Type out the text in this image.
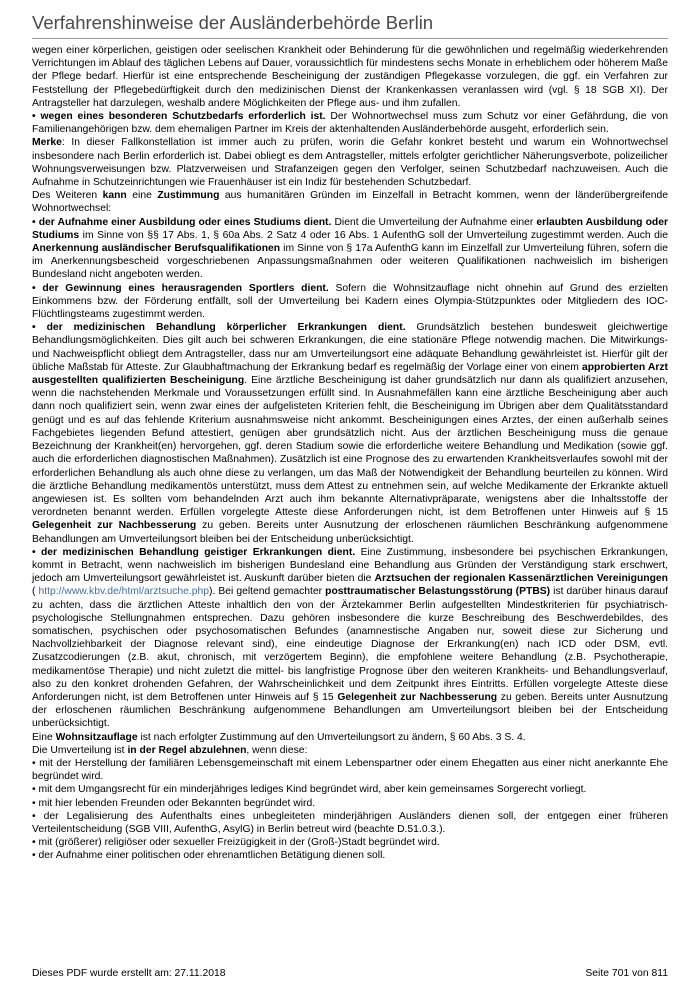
Verfahrenshinweise der Ausländerbehörde Berlin

wegen einer körperlichen, geistigen oder seelischen Krankheit oder Behinderung für die gewöhnlichen und regelmäßig wiederkehrenden Verrichtungen im Ablauf des täglichen Lebens auf Dauer, voraussichtlich für mindestens sechs Monate in erheblichem oder höherem Maße der Pflege bedarf. Hierfür ist eine entsprechende Bescheinigung der zuständigen Pflegekasse vorzulegen, die ggf. ein Verfahren zur Feststellung der Pflegebedürftigkeit durch den medizinischen Dienst der Krankenkassen veranlassen wird (vgl. § 18 SGB XI). Der Antragsteller hat darzulegen, weshalb andere Möglichkeiten der Pflege aus- und ihm zufallen.

• wegen eines besonderen Schutzbedarfs erforderlich ist. Der Wohnortwechsel muss zum Schutz vor einer Gefährdung, die von Familienangehörigen bzw. dem ehemaligen Partner im Kreis der aktenhaltenden Ausländerbehörde ausgeht, erforderlich sein.

Merke: In dieser Fallkonstellation ist immer auch zu prüfen, worin die Gefahr konkret besteht und warum ein Wohnortwechsel insbesondere nach Berlin erforderlich ist. Dabei obliegt es dem Antragsteller, mittels erfolgter gerichtlicher Näherungsverbote, polizeilicher Wohnungsverweisungen bzw. Platzverweisen und Strafanzeigen gegen den Verfolger, seinen Schutzbedarf nachzuweisen. Auch die Aufnahme in Schutzeinrichtungen wie Frauenhäuser ist ein Indiz für bestehenden Schutzbedarf.

Des Weiteren kann eine Zustimmung aus humanitären Gründen im Einzelfall in Betracht kommen, wenn der länderübergreifende Wohnortwechsel:

• der Aufnahme einer Ausbildung oder eines Studiums dient. Dient die Umverteilung der Aufnahme einer erlaubten Ausbildung oder Studiums im Sinne von §§ 17 Abs. 1, § 60a Abs. 2 Satz 4 oder 16 Abs. 1 AufenthG soll der Umverteilung zugestimmt werden. Auch die Anerkennung ausländischer Berufsqualifikationen im Sinne von § 17a AufenthG kann im Einzelfall zur Umverteilung führen, sofern die im Anerkennungsbescheid vorgeschriebenen Anpassungsmaßnahmen oder weiteren Qualifikationen nachweislich im bisherigen Bundesland nicht angeboten werden.

• der Gewinnung eines herausragenden Sportlers dient. Sofern die Wohnsitzauflage nicht ohnehin auf Grund des erzielten Einkommens bzw. der Förderung entfällt, soll der Umverteilung bei Kadern eines Olympia-Stützpunktes oder Mitgliedern des IOC-Flüchtlingsteams zugestimmt werden.

• der medizinischen Behandlung körperlicher Erkrankungen dient. Grundsätzlich bestehen bundesweit gleichwertige Behandlungsmöglichkeiten. Dies gilt auch bei schweren Erkrankungen, die eine stationäre Pflege notwendig machen. Die Mitwirkungs- und Nachweispflicht obliegt dem Antragsteller, dass nur am Umverteilungsort eine adäquate Behandlung gewährleistet ist. Hierfür gilt der übliche Maßstab für Atteste. Zur Glaubhaftmachung der Erkrankung bedarf es regelmäßig der Vorlage einer von einem approbierten Arzt ausgestellten qualifizierten Bescheinigung. Eine ärztliche Bescheinigung ist daher grundsätzlich nur dann als qualifiziert anzusehen, wenn die nachstehenden Merkmale und Voraussetzungen erfüllt sind. In Ausnahmefällen kann eine ärztliche Bescheinigung aber auch dann noch qualifiziert sein, wenn zwar eines der aufgelisteten Kriterien fehlt, die Bescheinigung im Übrigen aber dem Qualitätsstandard genügt und es auf das fehlende Kriterium ausnahmsweise nicht ankommt. Bescheinigungen eines Arztes, der einen außerhalb seines Fachgebietes liegenden Befund attestiert, genügen aber grundsätzlich nicht. Aus der ärztlichen Bescheinigung muss die genaue Bezeichnung der Krankheit(en) hervorgehen, ggf. deren Stadium sowie die erforderliche weitere Behandlung und Medikation (sowie ggf. auch die erforderlichen diagnostischen Maßnahmen). Zusätzlich ist eine Prognose des zu erwartenden Krankheitsverlaufes sowohl mit der erforderlichen Behandlung als auch ohne diese zu verlangen, um das Maß der Notwendigkeit der Behandlung beurteilen zu können. Wird die ärztliche Behandlung medikamentös unterstützt, muss dem Attest zu entnehmen sein, auf welche Medikamente der Erkrankte aktuell angewiesen ist. Es sollten vom behandelnden Arzt auch ihm bekannte Alternativpräparate, wenigstens aber die Inhaltsstoffe der verordneten benannt werden. Erfüllen vorgelegte Atteste diese Anforderungen nicht, ist dem Betroffenen unter Hinweis auf § 15 Gelegenheit zur Nachbesserung zu geben. Bereits unter Ausnutzung der erloschenen räumlichen Beschränkung aufgenommene Behandlungen am Umverteilungsort bleiben bei der Entscheidung unberücksichtigt.

• der medizinischen Behandlung geistiger Erkrankungen dient. Eine Zustimmung, insbesondere bei psychischen Erkrankungen, kommt in Betracht, wenn nachweislich im bisherigen Bundesland eine Behandlung aus Gründen der Verständigung stark erschwert, jedoch am Umverteilungsort gewährleistet ist. Auskunft darüber bieten die Arztsuchen der regionalen Kassenärztlichen Vereinigungen ( http://www.kbv.de/html/arztsuche.php). Bei geltend gemachter posttraumatischer Belastungsstörung (PTBS) ist darüber hinaus darauf zu achten, dass die ärztlichen Atteste inhaltlich den von der Ärztekammer Berlin aufgestellten Mindestkriterien für psychiatrisch-psychologische Stellungnahmen entsprechen. Dazu gehören insbesondere die kurze Beschreibung des Beschwerdebildes, des somatischen, psychischen oder psychosomatischen Befundes (anamnestische Angaben nur, soweit diese zur Sicherung und Nachvollziehbarkeit der Diagnose relevant sind), eine eindeutige Diagnose der Erkrankung(en) nach ICD oder DSM, evtl. Zusatzcodierungen (z.B. akut, chronisch, mit verzögertem Beginn), die empfohlene weitere Behandlung (z.B. Psychotherapie, medikamentöse Therapie) und nicht zuletzt die mittel- bis langfristige Prognose über den weiteren Krankheits- und Behandlungsverlauf, also zu den konkret drohenden Gefahren, der Wahrscheinlichkeit und dem Zeitpunkt ihres Eintritts. Erfüllen vorgelegte Atteste diese Anforderungen nicht, ist dem Betroffenen unter Hinweis auf § 15 Gelegenheit zur Nachbesserung zu geben. Bereits unter Ausnutzung der erloschenen räumlichen Beschränkung aufgenommene Behandlungen am Umverteilungsort bleiben bei der Entscheidung unberücksichtigt.

Eine Wohnsitzauflage ist nach erfolgter Zustimmung auf den Umverteilungsort zu ändern, § 60 Abs. 3 S. 4.

Die Umverteilung ist in der Regel abzulehnen, wenn diese:

• mit der Herstellung der familiären Lebensgemeinschaft mit einem Lebenspartner oder einem Ehegatten aus einer nicht anerkannte Ehe begründet wird.

• mit dem Umgangsrecht für ein minderjähriges lediges Kind begründet wird, aber kein gemeinsames Sorgerecht vorliegt.

• mit hier lebenden Freunden oder Bekannten begründet wird.

• der Legalisierung des Aufenthalts eines unbegleiteten minderjährigen Ausländers dienen soll, der entgegen einer früheren Verteilentscheidung (SGB VIII, AufenthG, AsylG) in Berlin betreut wird (beachte D.51.0.3.).

• mit (größerer) religiöser oder sexueller Freizügigkeit in der (Groß-)Stadt begründet wird.

• der Aufnahme einer politischen oder ehrenamtlichen Betätigung dienen soll.

Dieses PDF wurde erstellt am: 27.11.2018	Seite 701 von 811
